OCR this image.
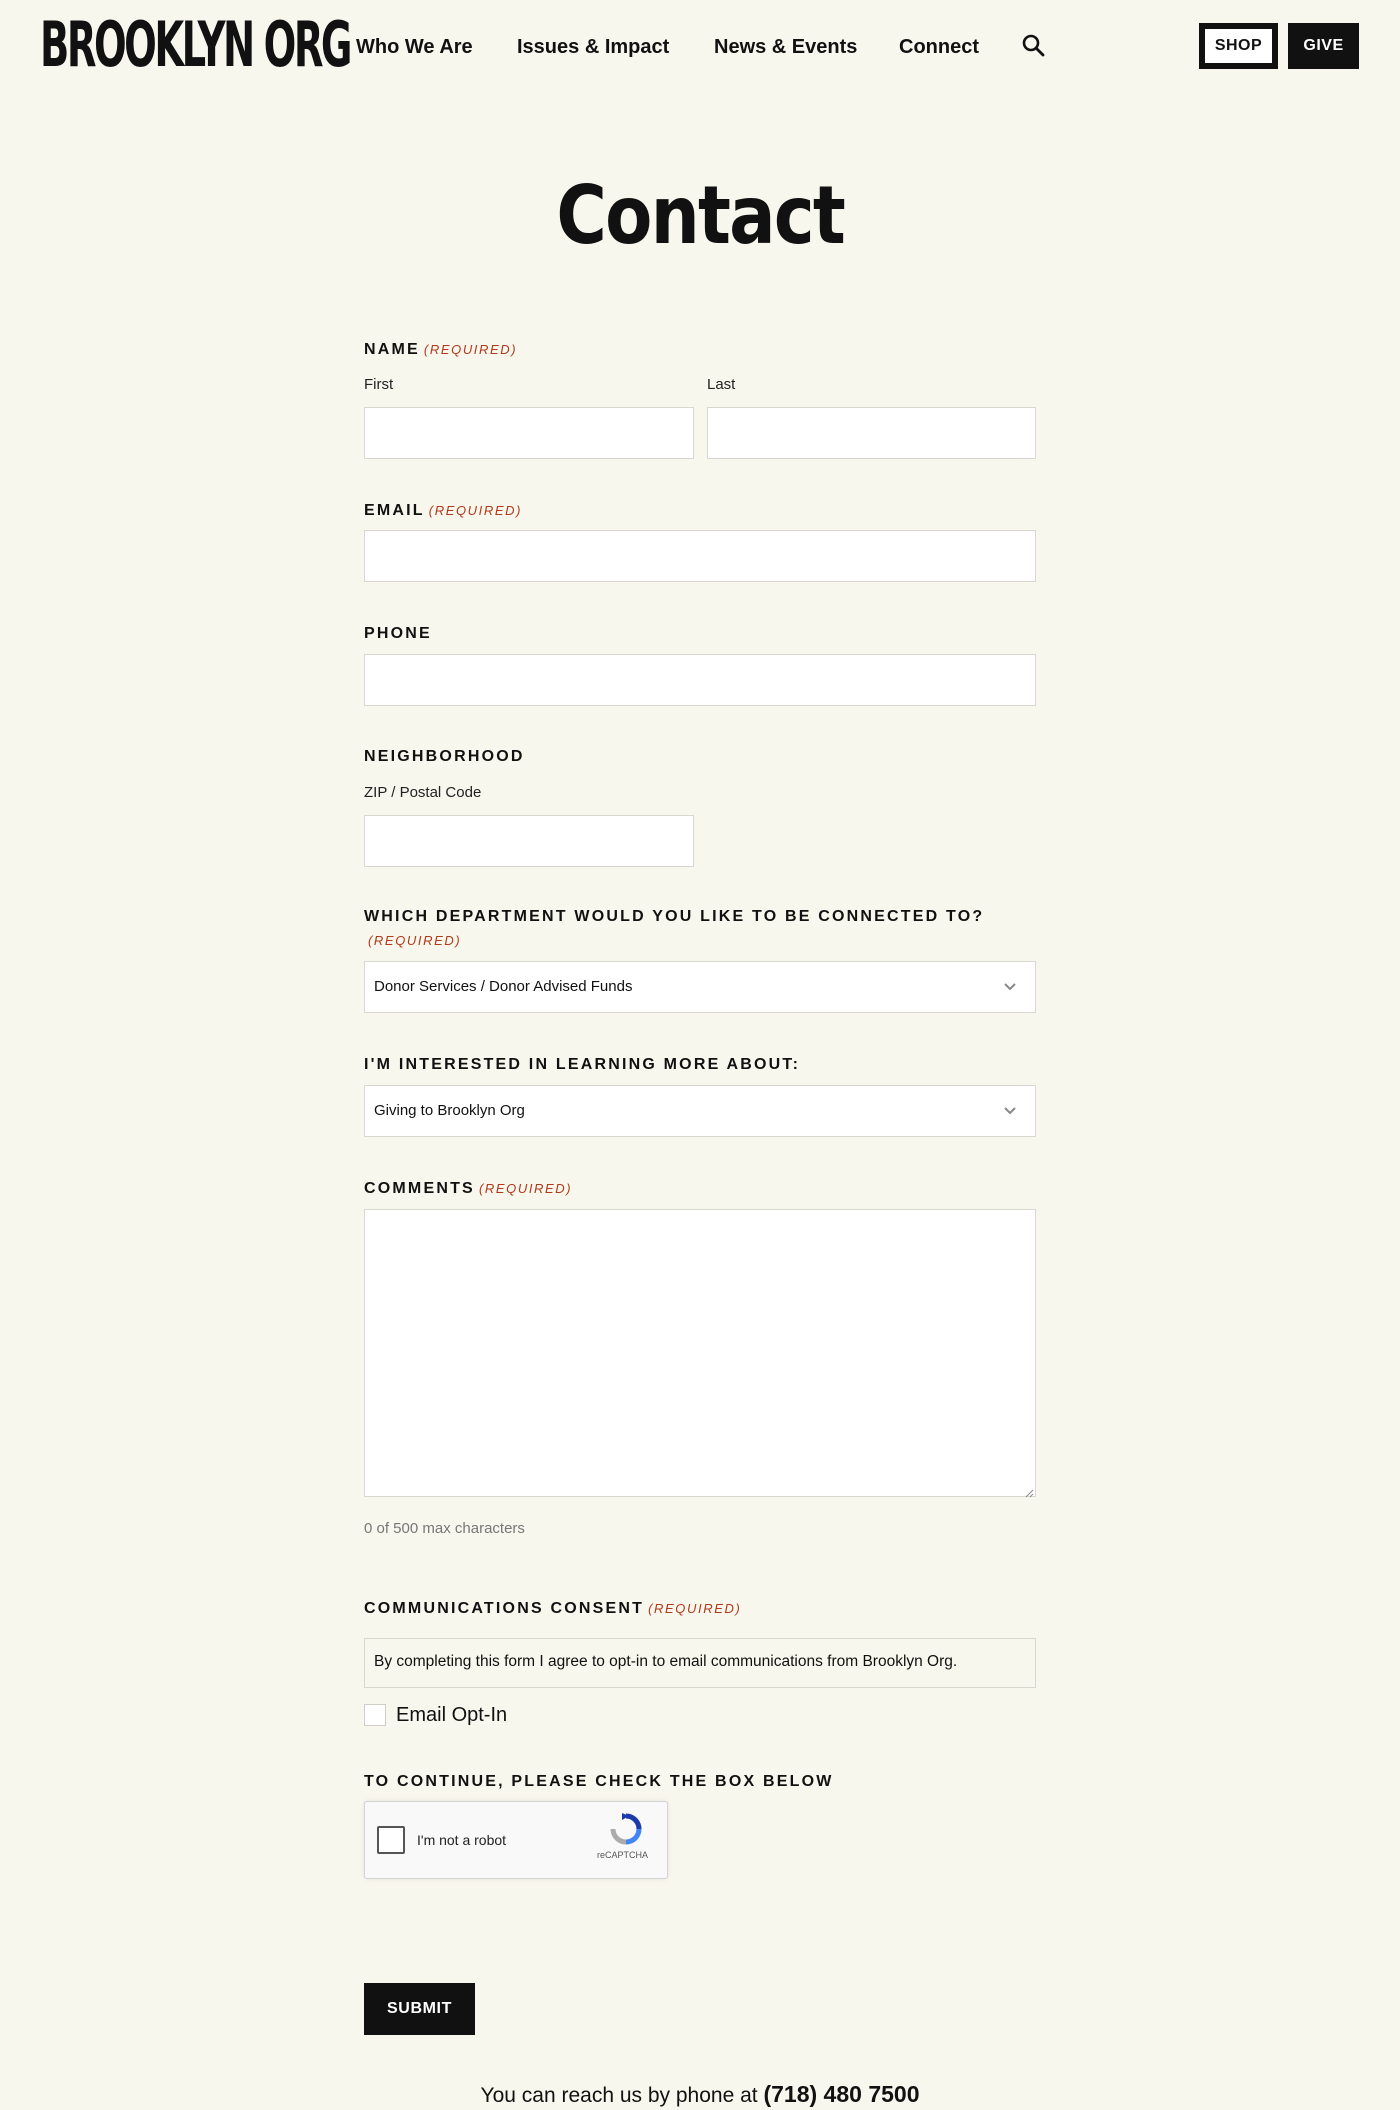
BROOKLYN ORG Who We Are Issues & Impact News & Events Connect	SHOP	GIVE
Contact
NAME (REQUIRED)
First	Last
EMAIL (REQUIRED)
PHONE
NEIGHBORHOOD
ZIP / Postal Code
WHICH DEPARTMENT WOULD YOU LIKE TO BE CONNECTED TO?
(REQUIRED)
Donor Services / Donor Advised Funds
I'M INTERESTED IN LEARNING MORE ABOUT:
Giving to Brooklyn Org
COMMENTS (REQUIRED)
0 of 500 max characters
COMMUNICATIONS CONSENT (REQUIRED)
By completing this form I agree to opt-in to email communications from Brooklyn Org.
Email Opt-In
TO CONTINUE, PLEASE CHECK THE BOX BELOW
I'm not a robot
reCAPTCHA
SUBMIT
You can reach us by phone at (718) 480 7500
